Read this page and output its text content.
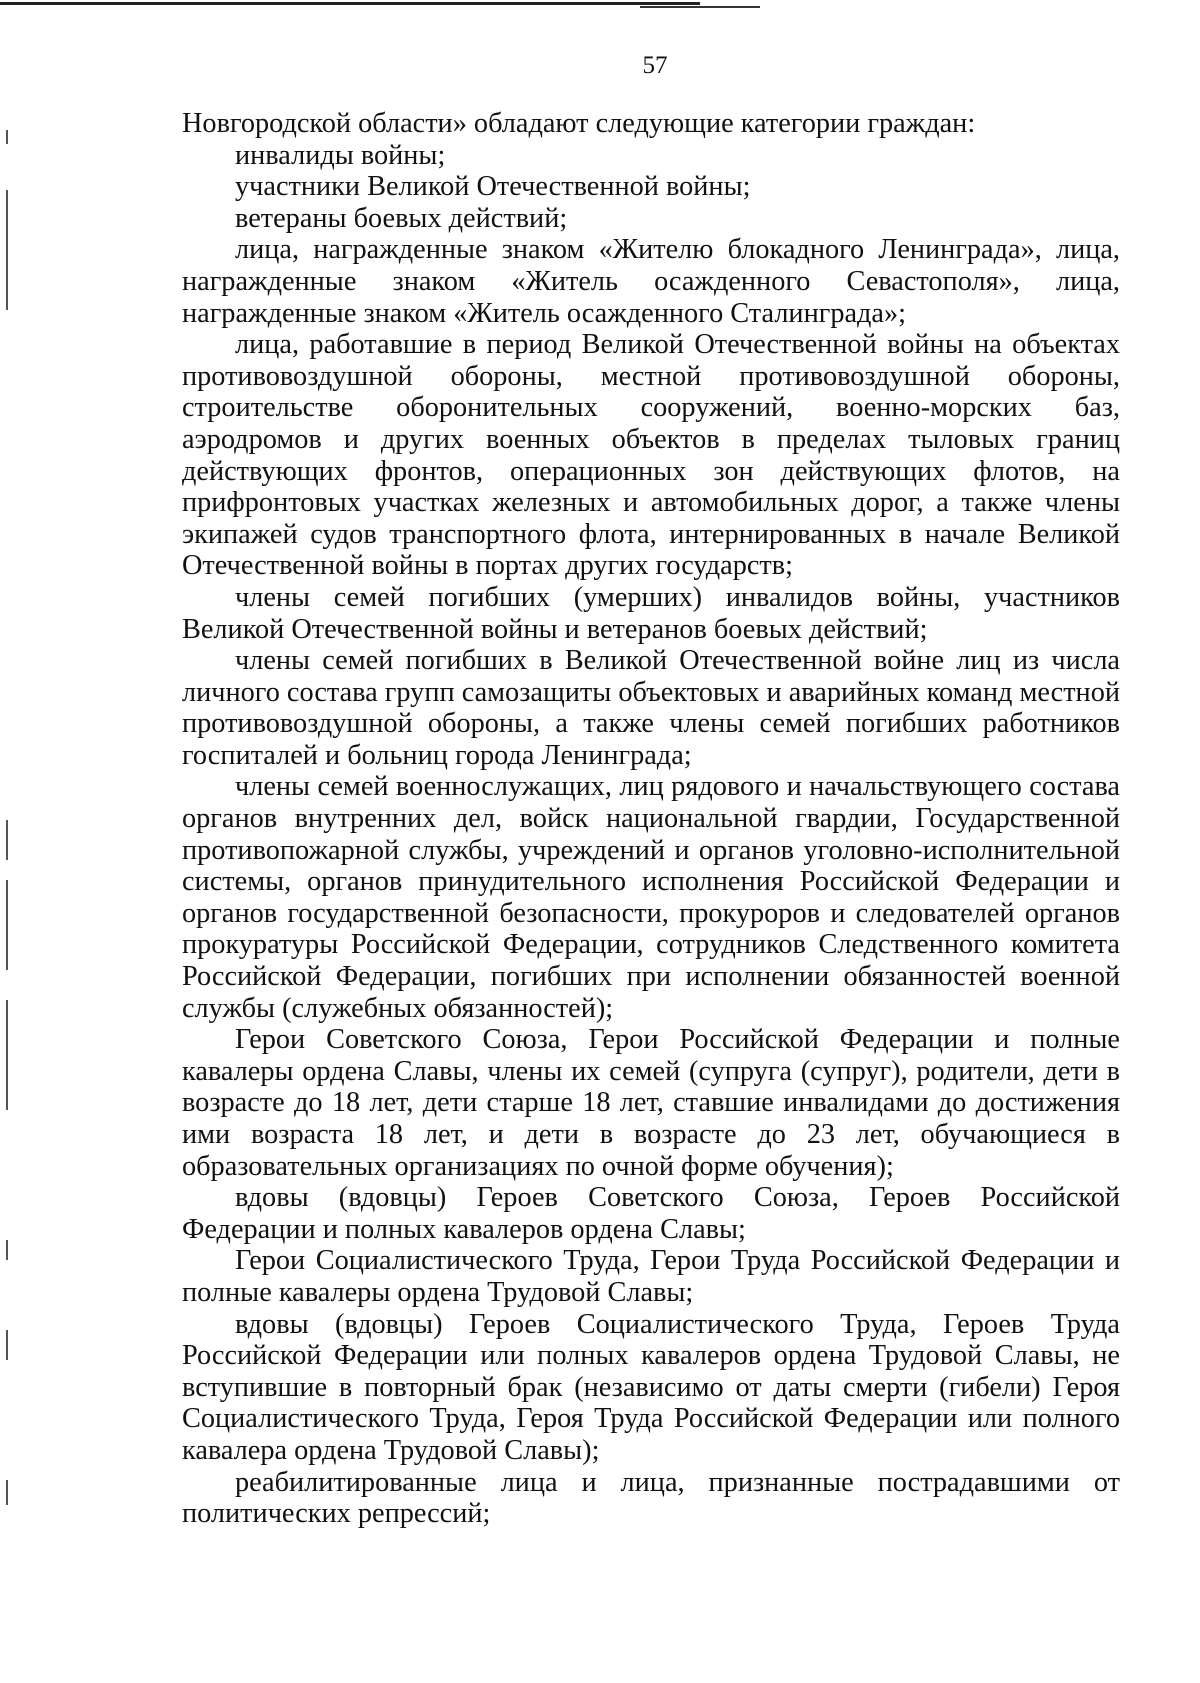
57

Новгородской области» обладают следующие категории граждан:

инвалиды войны;

участники Великой Отечественной войны;

ветераны боевых действий;

лица, награжденные знаком «Жителю блокадного Ленинграда», лица, награжденные знаком «Житель осажденного Севастополя», лица, награжденные знаком «Житель осажденного Сталинграда»;

лица, работавшие в период Великой Отечественной войны на объектах противовоздушной обороны, местной противовоздушной обороны, строительстве оборонительных сооружений, военно-морских баз, аэродромов и других военных объектов в пределах тыловых границ действующих фронтов, операционных зон действующих флотов, на прифронтовых участках железных и автомобильных дорог, а также члены экипажей судов транспортного флота, интернированных в начале Великой Отечественной войны в портах других государств;

члены семей погибших (умерших) инвалидов войны, участников Великой Отечественной войны и ветеранов боевых действий;

члены семей погибших в Великой Отечественной войне лиц из числа личного состава групп самозащиты объектовых и аварийных команд местной противовоздушной обороны, а также члены семей погибших работников госпиталей и больниц города Ленинграда;

члены семей военнослужащих, лиц рядового и начальствующего состава органов внутренних дел, войск национальной гвардии, Государственной противопожарной службы, учреждений и органов уголовно-исполнительной системы, органов принудительного исполнения Российской Федерации и органов государственной безопасности, прокуроров и следователей органов прокуратуры Российской Федерации, сотрудников Следственного комитета Российской Федерации, погибших при исполнении обязанностей военной службы (служебных обязанностей);

Герои Советского Союза, Герои Российской Федерации и полные кавалеры ордена Славы, члены их семей (супруга (супруг), родители, дети в возрасте до 18 лет, дети старше 18 лет, ставшие инвалидами до достижения ими возраста 18 лет, и дети в возрасте до 23 лет, обучающиеся в образовательных организациях по очной форме обучения);

вдовы (вдовцы) Героев Советского Союза, Героев Российской Федерации и полных кавалеров ордена Славы;

Герои Социалистического Труда, Герои Труда Российской Федерации и полные кавалеры ордена Трудовой Славы;

вдовы (вдовцы) Героев Социалистического Труда, Героев Труда Российской Федерации или полных кавалеров ордена Трудовой Славы, не вступившие в повторный брак (независимо от даты смерти (гибели) Героя Социалистического Труда, Героя Труда Российской Федерации или полного кавалера ордена Трудовой Славы);

реабилитированные лица и лица, признанные пострадавшими от политических репрессий;
